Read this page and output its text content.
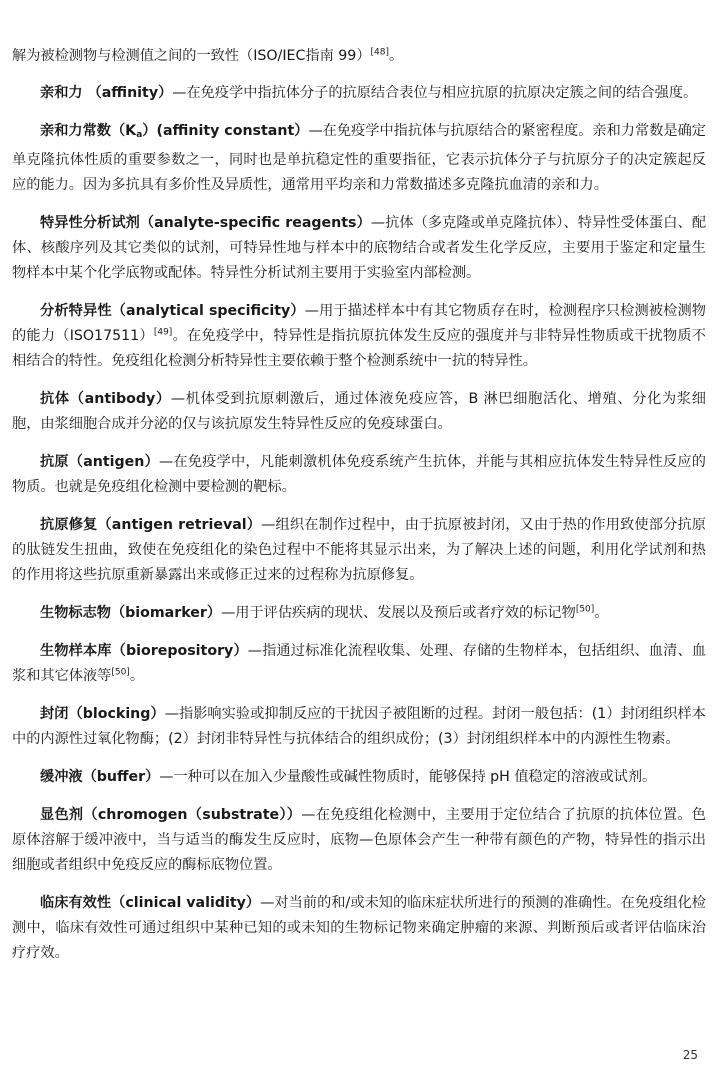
解为被检测物与检测值之间的一致性（ISO/IEC指南 99）[48]。

亲和力 （affinity）—在免疫学中指抗体分子的抗原结合表位与相应抗原的抗原决定簇之间的结合强度。

亲和力常数$(K_a)(affinity$ constant）—在免疫学中指抗体与抗原结合的紧密程度。亲和力常数是确定单克隆抗体性质的重要参数之一，同时也是单抗稳定性的重要指征，它表示抗体分子与抗原分子的决定簇起反应的能力。因为多抗具有多价性及异质性，通常用平均亲和力常数描述多克隆抗血清的亲和力。

特异性分析试剂（analyte-specific reagents）—抗体（多克隆或单克隆抗体）、特异性受体蛋白、配体、核酸序列及其它类似的试剂，可特异性地与样本中的底物结合或者发生化学反应，主要用于鉴定和定量生物样本中某个化学底物或配体。特异性分析试剂主要用于实验室内部检测。

分析特异性（analytical specificity）—用于描述样本中有其它物质存在时，检测程序只检测被检测物的能力（ISO17511）[49]。在免疫学中，特异性是指抗原抗体发生反应的强度并与非特异性物质或干扰物质不相结合的特性。免疫组化检测分析特异性主要依赖于整个检测系统中一抗的特异性。

抗体（antibody）—机体受到抗原刺激后，通过体液免疫应答，B 淋巴细胞活化、增殖、分化为浆细胞，由浆细胞合成并分泌的仅与该抗原发生特异性反应的免疫球蛋白。

抗原（antigen）—在免疫学中，凡能刺激机体免疫系统产生抗体，并能与其相应抗体发生特异性反应的物质。也就是免疫组化检测中要检测的靶标。

抗原修复（antigen retrieval）—组织在制作过程中，由于抗原被封闭，又由于热的作用致使部分抗原的肽链发生扭曲，致使在免疫组化的染色过程中不能将其显示出来，为了解决上述的问题，利用化学试剂和热的作用将这些抗原重新暴露出来或修正过来的过程称为抗原修复。

生物标志物（biomarker）—用于评估疾病的现状、发展以及预后或者疗效的标记物[50]。

生物样本库（biorepository）—指通过标准化流程收集、处理、存储的生物样本，包括组织、血清、血浆和其它体液等[50]。

封闭（blocking）—指影响实验或抑制反应的干扰因子被阻断的过程。封闭一般包括：(1）封闭组织样本中的内源性过氧化物酶；(2）封闭非特异性与抗体结合的组织成份；(3）封闭组织样本中的内源性生物素。

缓冲液（buffer）—一种可以在加入少量酸性或碱性物质时，能够保持 pH 值稳定的溶液或试剂。

显色剂（chromogen（substrate））—在免疫组化检测中，主要用于定位结合了抗原的抗体位置。色原体溶解于缓冲液中，当与适当的酶发生反应时，底物—色原体会产生一种带有颜色的产物，特异性的指示出细胞或者组织中免疫反应的酶标底物位置。

临床有效性（clinical validity）—对当前的和/或未知的临床症状所进行的预测的准确性。在免疫组化检测中，临床有效性可通过组织中某种已知的或未知的生物标记物来确定肿瘤的来源、判断预后或者评估临床治疗疗效。

25
